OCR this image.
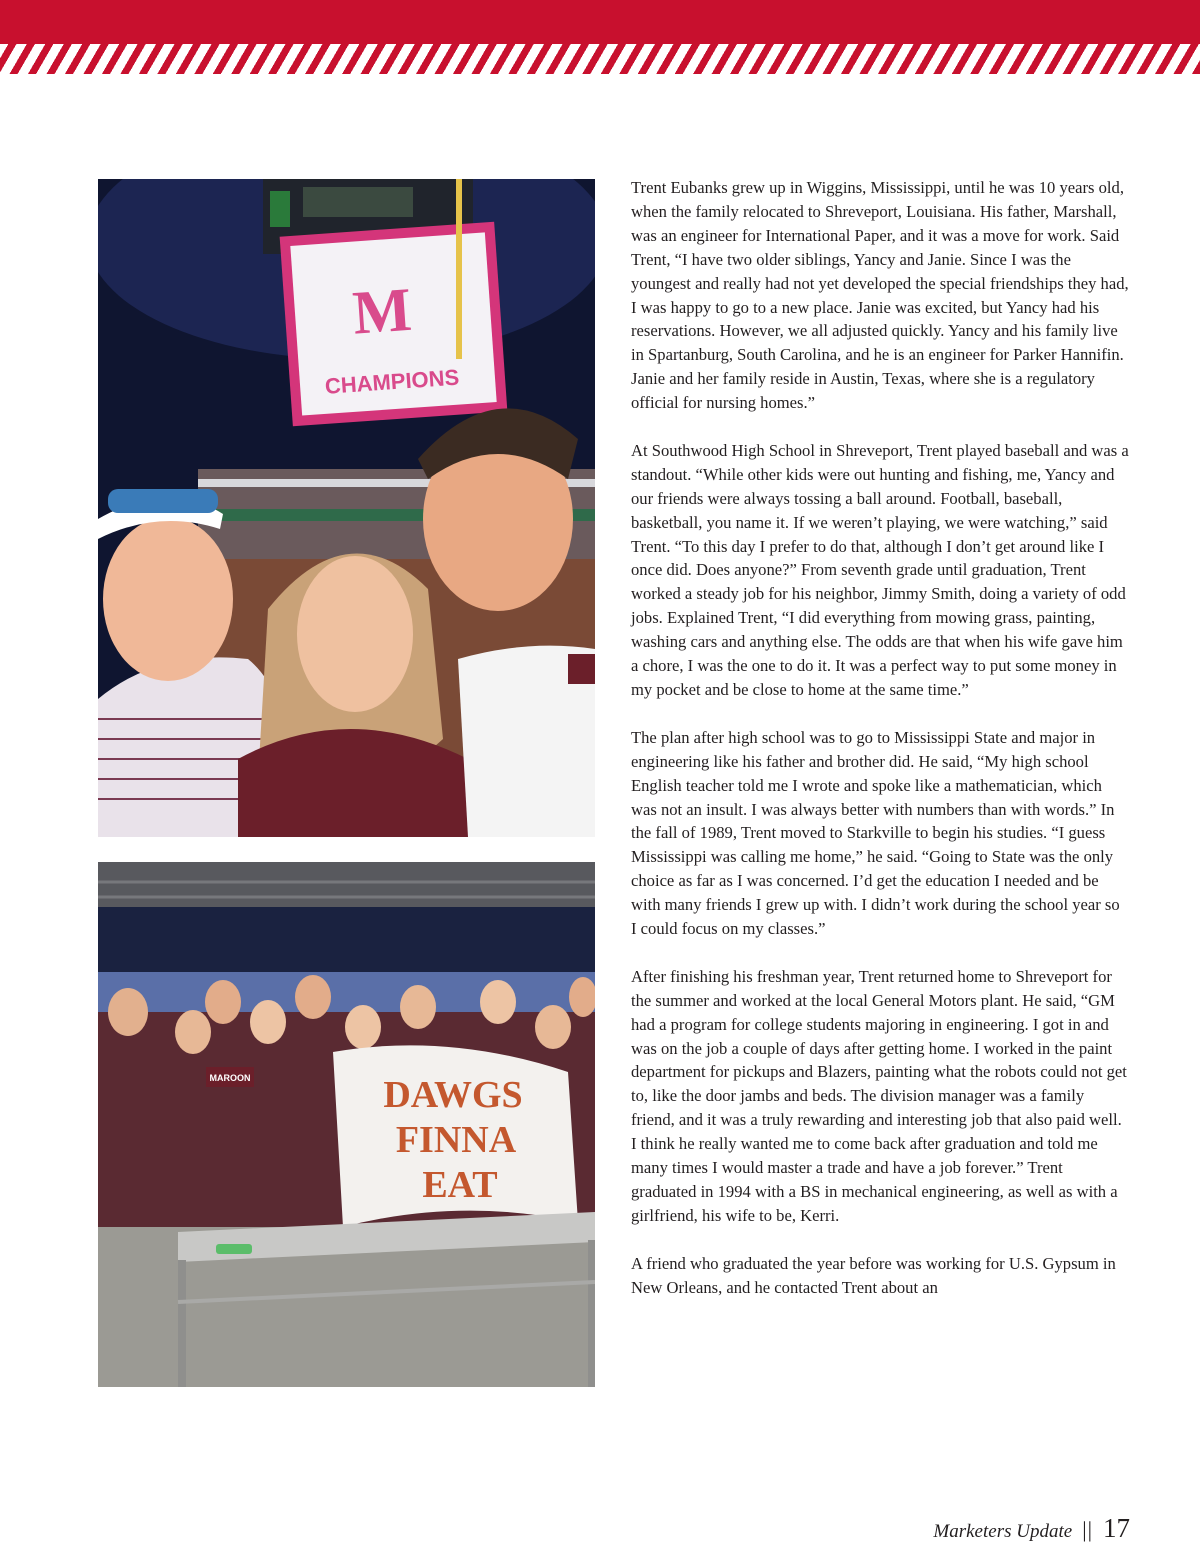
M
CHAMPIONS
MAROON	DAWGS
FINNA
EAT

Trent Eubanks grew up in Wiggins, Mississippi, until he was 10 years old, when the family relocated to Shreveport, Louisiana. His father, Marshall, was an engineer for International Paper, and it was a move for work. Said Trent, “I have two older siblings, Yancy and Janie. Since I was the youngest and really had not yet developed the special friendships they had, I was happy to go to a new place. Janie was excited, but Yancy had his reservations. However, we all adjusted quickly. Yancy and his family live in Spartanburg, South Carolina, and he is an engineer for Parker Hannifin. Janie and her family reside in Austin, Texas, where she is a regulatory official for nursing homes.”

At Southwood High School in Shreveport, Trent played baseball and was a standout. “While other kids were out hunting and fishing, me, Yancy and our friends were always tossing a ball around. Football, baseball, basketball, you name it. If we weren’t playing, we were watching,” said Trent. “To this day I prefer to do that, although I don’t get around like I once did. Does anyone?” From seventh grade until graduation, Trent worked a steady job for his neighbor, Jimmy Smith, doing a variety of odd jobs. Explained Trent, “I did everything from mowing grass, painting, washing cars and anything else. The odds are that when his wife gave him a chore, I was the one to do it. It was a perfect way to put some money in my pocket and be close to home at the same time.”

The plan after high school was to go to Mississippi State and major in engineering like his father and brother did. He said, “My high school English teacher told me I wrote and spoke like a mathematician, which was not an insult. I was always better with numbers than with words.” In the fall of 1989, Trent moved to Starkville to begin his studies. “I guess Mississippi was calling me home,” he said. “Going to State was the only choice as far as I was concerned. I’d get the education I needed and be with many friends I grew up with. I didn’t work during the school year so I could focus on my classes.”

After finishing his freshman year, Trent returned home to Shreveport for the summer and worked at the local General Motors plant. He said, “GM had a program for college students majoring in engineering. I got in and was on the job a couple of days after getting home. I worked in the paint department for pickups and Blazers, painting what the robots could not get to, like the door jambs and beds. The division manager was a family friend, and it was a truly rewarding and interesting job that also paid well. I think he really wanted me to come back after graduation and told me many times I would master a trade and have a job forever.” Trent graduated in 1994 with a BS in mechanical engineering, as well as with a girlfriend, his wife to be, Kerri.

A friend who graduated the year before was working for U.S. Gypsum in New Orleans, and he contacted Trent about an

Marketers Update || 17
